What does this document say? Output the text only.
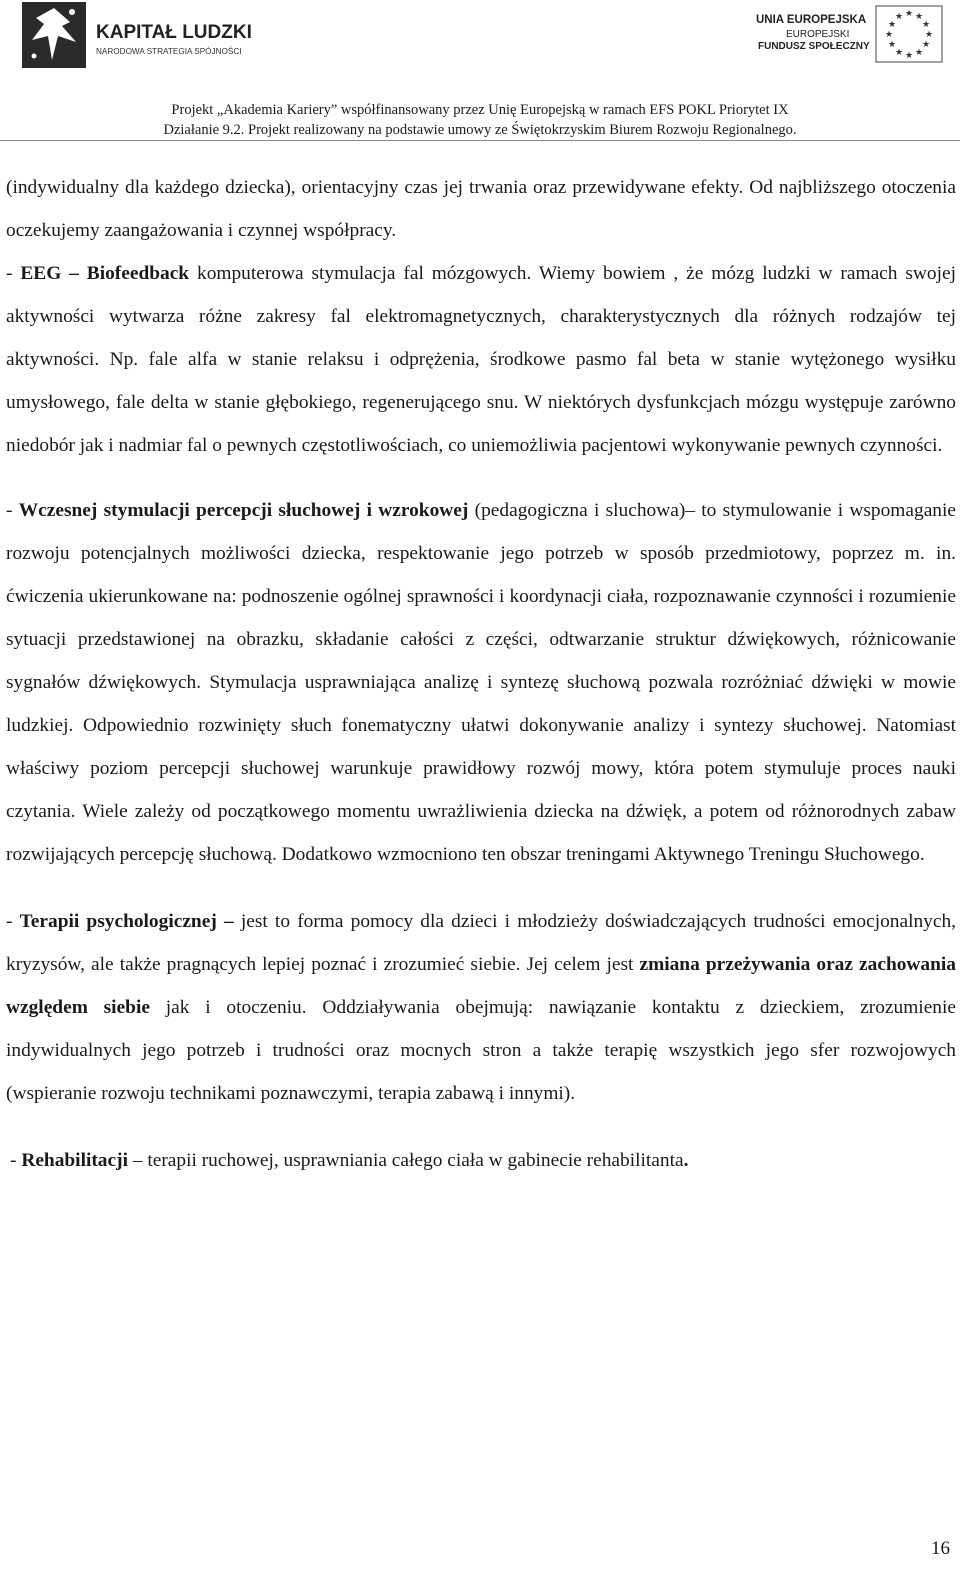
KAPITAŁ LUDZKI
NARODOWA STRATEGIA SPÓJNOŚCI
UNIA EUROPEJSKA
EUROPEJSKI
FUNDUSZ SPOŁECZNY
★ ★
★
★
★
★
★
★
★
★
★
★
Projekt „Akademia Kariery” współfinansowany przez Unię Europejską w ramach EFS POKL Priorytet IX
Działanie 9.2. Projekt realizowany na podstawie umowy ze Świętokrzyskim Biurem Rozwoju Regionalnego.

(indywidualny dla każdego dziecka), orientacyjny czas jej trwania oraz przewidywane efekty. Od najbliższego otoczenia oczekujemy zaangażowania i czynnej współpracy.

- EEG – Biofeedback komputerowa stymulacja fal mózgowych. Wiemy bowiem , że mózg ludzki w ramach swojej aktywności wytwarza różne zakresy fal elektromagnetycznych, charakterystycznych dla różnych rodzajów tej aktywności. Np. fale alfa w stanie relaksu i odprężenia, środkowe pasmo fal beta w stanie wytężonego wysiłku umysłowego, fale delta w stanie głębokiego, regenerującego snu. W niektórych dysfunkcjach mózgu występuje zarówno niedobór jak i nadmiar fal o pewnych częstotliwościach, co uniemożliwia pacjentowi wykonywanie pewnych czynności.

- Wczesnej stymulacji percepcji słuchowej i wzrokowej (pedagogiczna i sluchowa)– to stymulowanie i wspomaganie rozwoju potencjalnych możliwości dziecka, respektowanie jego potrzeb w sposób przedmiotowy, poprzez m. in. ćwiczenia ukierunkowane na: podnoszenie ogólnej sprawności i koordynacji ciała, rozpoznawanie czynności i rozumienie sytuacji przedstawionej na obrazku, składanie całości z części, odtwarzanie struktur dźwiękowych, różnicowanie sygnałów dźwiękowych. Stymulacja usprawniająca analizę i syntezę słuchową pozwala rozróżniać dźwięki w mowie ludzkiej. Odpowiednio rozwinięty słuch fonematyczny ułatwi dokonywanie analizy i syntezy słuchowej. Natomiast właściwy poziom percepcji słuchowej warunkuje prawidłowy rozwój mowy, która potem stymuluje proces nauki czytania. Wiele zależy od początkowego momentu uwrażliwienia dziecka na dźwięk, a potem od różnorodnych zabaw rozwijających percepcję słuchową. Dodatkowo wzmocniono ten obszar treningami Aktywnego Treningu Słuchowego.

- Terapii psychologicznej – jest to forma pomocy dla dzieci i młodzieży doświadczających trudności emocjonalnych, kryzysów, ale także pragnących lepiej poznać i zrozumieć siebie. Jej celem jest zmiana przeżywania oraz zachowania względem siebie jak i otoczeniu. Oddziaływania obejmują: nawiązanie kontaktu z dzieckiem, zrozumienie indywidualnych jego potrzeb i trudności oraz mocnych stron a także terapię wszystkich jego sfer rozwojowych (wspieranie rozwoju technikami poznawczymi, terapia zabawą i innymi).

- Rehabilitacji – terapii ruchowej, usprawniania całego ciała w gabinecie rehabilitanta.

16
